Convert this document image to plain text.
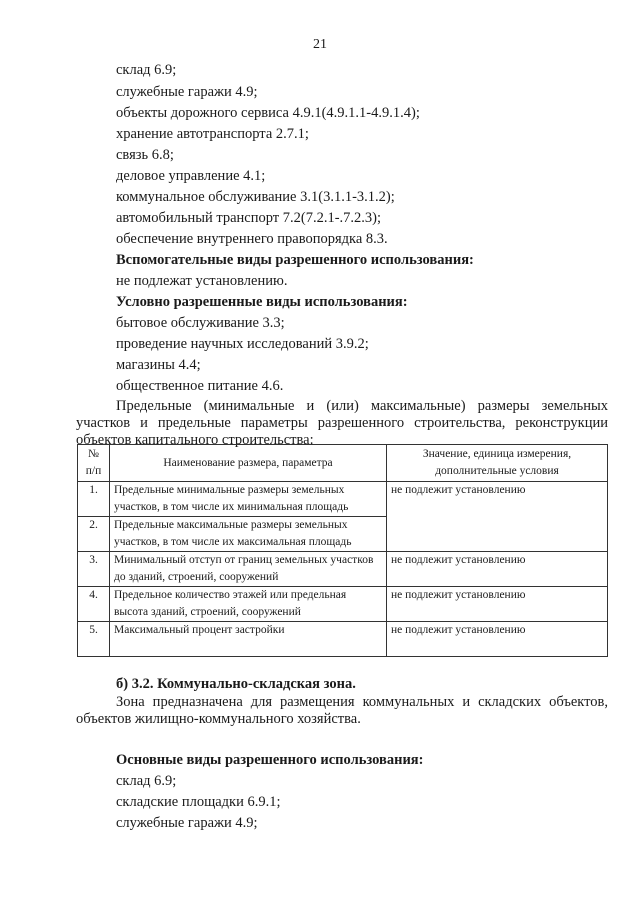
21
склад 6.9;
служебные гаражи 4.9;
объекты дорожного сервиса 4.9.1(4.9.1.1-4.9.1.4);
хранение автотранспорта 2.7.1;
связь 6.8;
деловое управление 4.1;
коммунальное обслуживание 3.1(3.1.1-3.1.2);
автомобильный транспорт 7.2(7.2.1-.7.2.3);
обеспечение внутреннего правопорядка 8.3.
Вспомогательные виды разрешенного использования:
не подлежат установлению.
Условно разрешенные виды использования:
бытовое обслуживание 3.3;
проведение научных исследований 3.9.2;
магазины 4.4;
общественное питание 4.6.
Предельные (минимальные и (или) максимальные) размеры земельных участков и предельные параметры разрешенного строительства, реконструкции объектов капитального строительства:
№ п/п	Наименование размера, параметра	Значение, единица измерения, дополнительные условия
1.	Предельные минимальные размеры земельных участков, в том числе их минимальная площадь	не подлежит установлению
2.	Предельные максимальные размеры земельных участков, в том числе их максимальная площадь	
3.	Минимальный отступ от границ земельных участков до зданий, строений, сооружений	не подлежит установлению
4.	Предельное количество этажей или предельная высота зданий, строений, сооружений	не подлежит установлению
5.	Максимальный процент застройки	не подлежит установлению
б) 3.2. Коммунально-складская зона.
Зона предназначена для размещения коммунальных и складских объектов, объектов жилищно-коммунального хозяйства.
Основные виды разрешенного использования:
склад 6.9;
складские площадки 6.9.1;
служебные гаражи 4.9;
